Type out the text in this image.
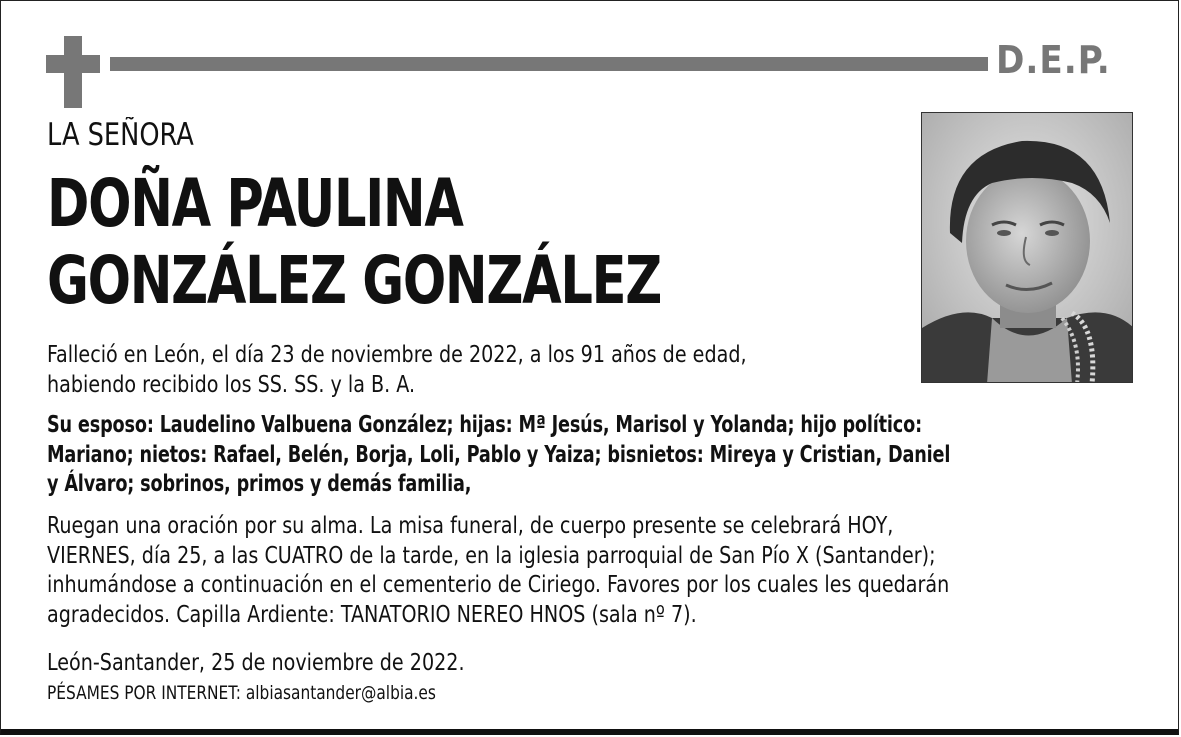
D.E.P.
LA SEÑORA
DOÑA PAULINA
GONZÁLEZ GONZÁLEZ
Falleció en León, el día 23 de noviembre de 2022, a los 91 años de edad,
habiendo recibido los SS. SS. y la B. A.
Su esposo: Laudelino Valbuena González; hijas: Mª Jesús, Marisol y Yolanda; hijo político:
Mariano; nietos: Rafael, Belén, Borja, Loli, Pablo y Yaiza; bisnietos: Mireya y Cristian, Daniel
y Álvaro; sobrinos, primos y demás familia,
Ruegan una oración por su alma. La misa funeral, de cuerpo presente se celebrará HOY,
VIERNES, día 25, a las CUATRO de la tarde, en la iglesia parroquial de San Pío X (Santander);
inhumándose a continuación en el cementerio de Ciriego. Favores por los cuales les quedarán
agradecidos. Capilla Ardiente: TANATORIO NEREO HNOS (sala nº 7).
León-Santander, 25 de noviembre de 2022.
PÉSAMES POR INTERNET: albiasantander@albia.es
